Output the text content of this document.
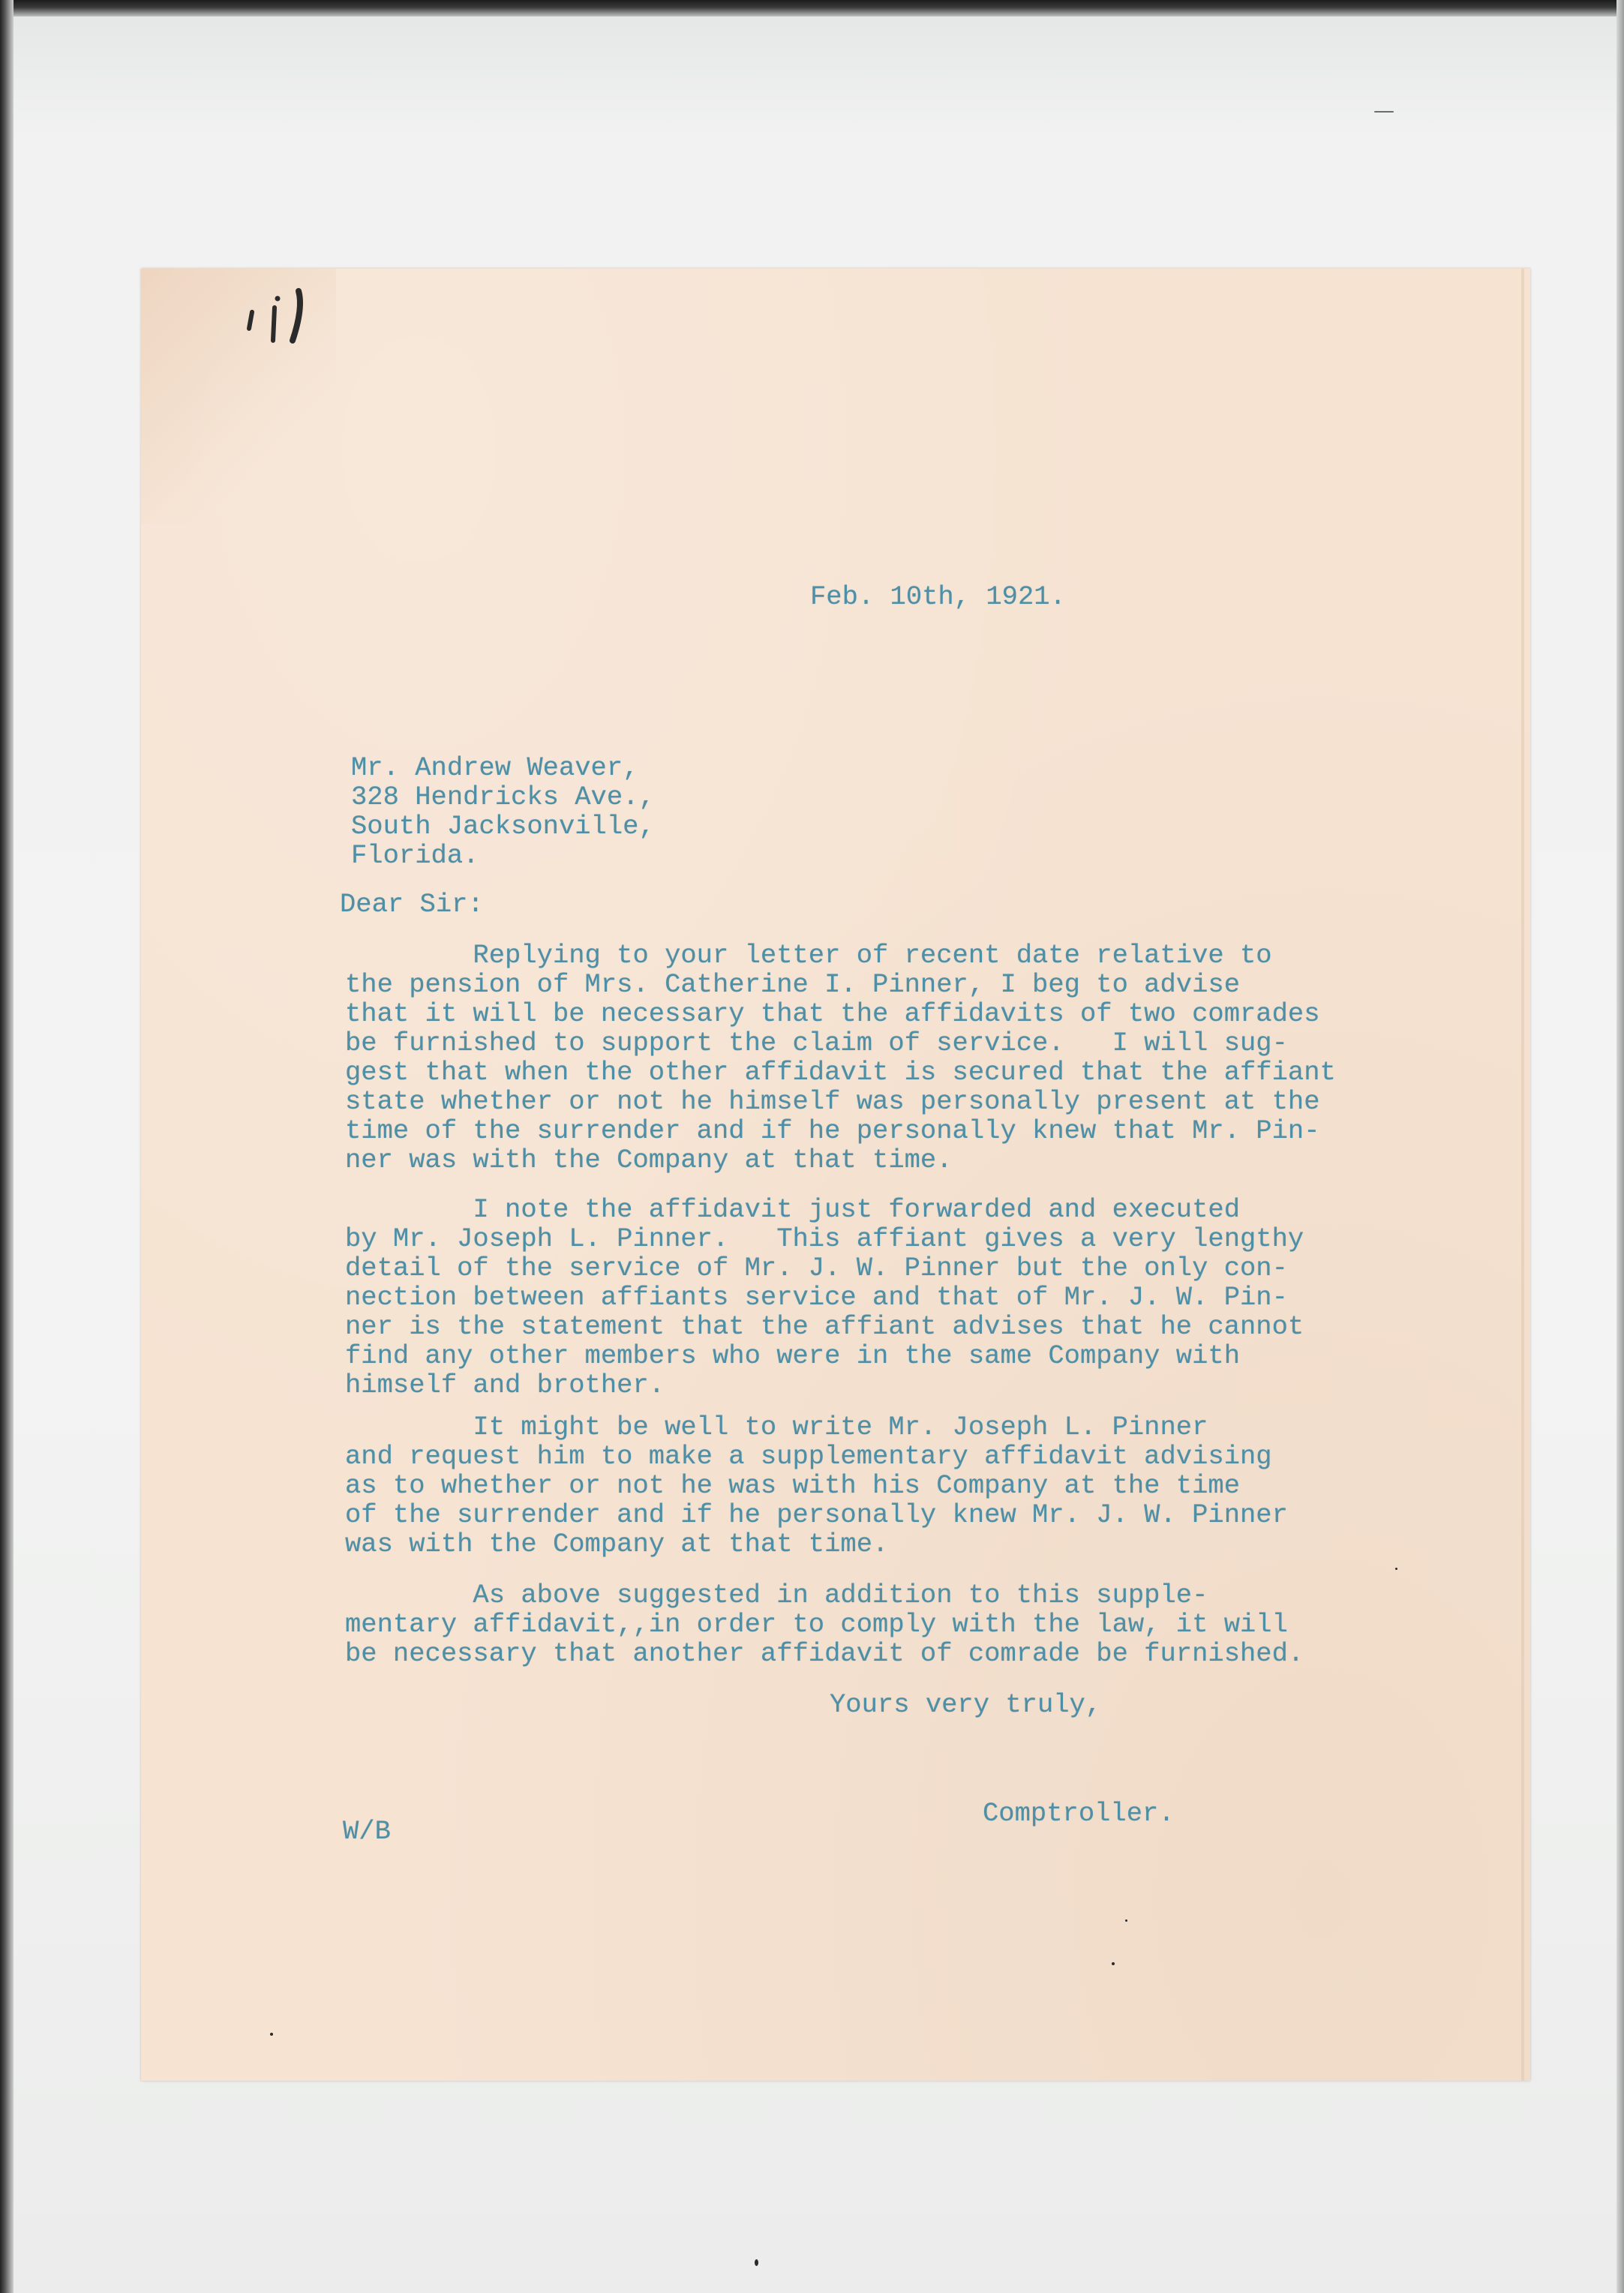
Feb. 10th, 1921.
Mr. Andrew Weaver,
328 Hendricks Ave.,
South Jacksonville,
Florida.
Dear Sir:
Replying to your letter of recent date relative to
the pension of Mrs. Catherine I. Pinner, I beg to advise
that it will be necessary that the affidavits of two comrades
be furnished to support the claim of service.   I will sug-
gest that when the other affidavit is secured that the affiant
state whether or not he himself was personally present at the
time of the surrender and if he personally knew that Mr. Pin-
ner was with the Company at that time.
I note the affidavit just forwarded and executed
by Mr. Joseph L. Pinner.   This affiant gives a very lengthy
detail of the service of Mr. J. W. Pinner but the only con-
nection between affiants service and that of Mr. J. W. Pin-
ner is the statement that the affiant advises that he cannot
find any other members who were in the same Company with
himself and brother.
It might be well to write Mr. Joseph L. Pinner
and request him to make a supplementary affidavit advising
as to whether or not he was with his Company at the time
of the surrender and if he personally knew Mr. J. W. Pinner
was with the Company at that time.
As above suggested in addition to this supple-
mentary affidavit,,in order to comply with the law, it will
be necessary that another affidavit of comrade be furnished.
Yours very truly,
Comptroller.
W/B
